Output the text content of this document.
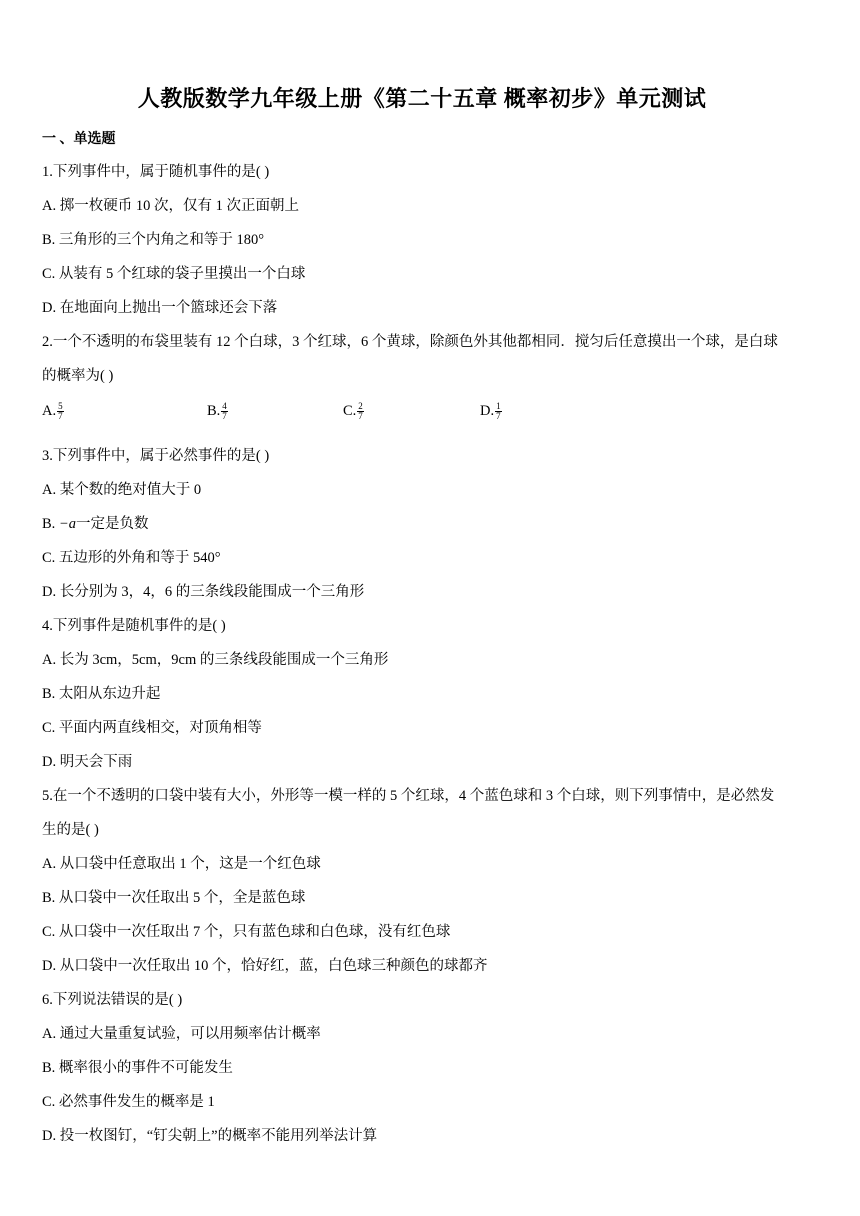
人教版数学九年级上册《第二十五章 概率初步》单元测试
一 、单选题
1.下列事件中，属于随机事件的是( )
A. 掷一枚硬币 10 次，仅有 1 次正面朝上
B. 三角形的三个内角之和等于 180°
C. 从装有 5 个红球的袋子里摸出一个白球
D. 在地面向上抛出一个篮球还会下落
2.一个不透明的布袋里装有 12 个白球，3 个红球，6 个黄球，除颜色外其他都相同．搅匀后任意摸出一个球，是白球
的概率为( )
A. $\frac{5}{7}$	B. $\frac{4}{7}$	C. $\frac{2}{7}$	D. $\frac{1}{7}$
3.下列事件中，属于必然事件的是( )
A. 某个数的绝对值大于 0
B. −a一定是负数
C. 五边形的外角和等于 540°
D. 长分别为 3，4，6 的三条线段能围成一个三角形
4.下列事件是随机事件的是( )
A. 长为 3cm，5cm，9cm 的三条线段能围成一个三角形
B. 太阳从东边升起
C. 平面内两直线相交，对顶角相等
D. 明天会下雨
5.在一个不透明的口袋中装有大小，外形等一模一样的 5 个红球，4 个蓝色球和 3 个白球，则下列事情中，是必然发
生的是( )
A. 从口袋中任意取出 1 个，这是一个红色球
B. 从口袋中一次任取出 5 个，全是蓝色球
C. 从口袋中一次任取出 7 个，只有蓝色球和白色球，没有红色球
D. 从口袋中一次任取出 10 个，恰好红，蓝，白色球三种颜色的球都齐
6.下列说法错误的是( )
A. 通过大量重复试验，可以用频率估计概率
B. 概率很小的事件不可能发生
C. 必然事件发生的概率是 1
D. 投一枚图钉，“钉尖朝上”的概率不能用列举法计算
